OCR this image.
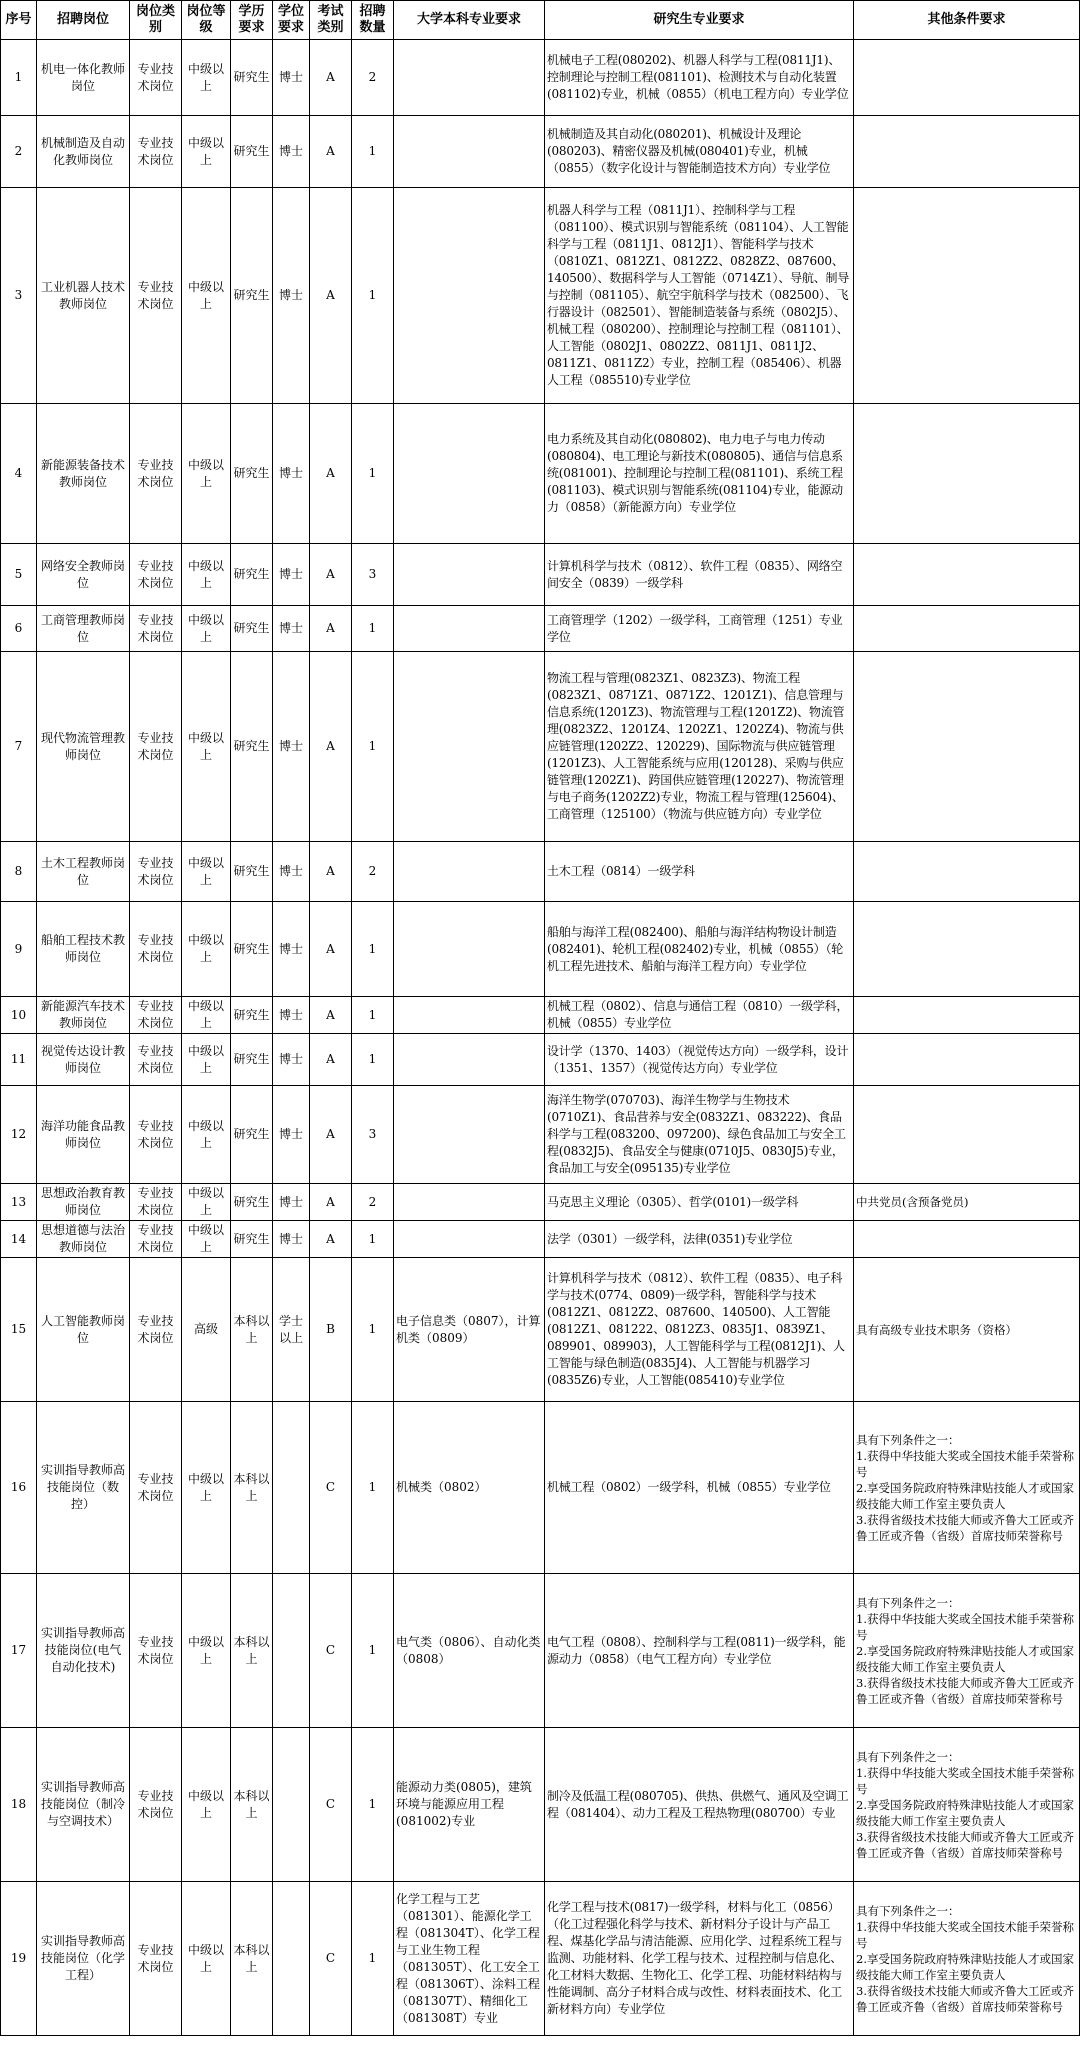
序号	招聘岗位	岗位类别	岗位等级	学历要求	学位要求	考试类别	招聘数量	大学本科专业要求	研究生专业要求	其他条件要求
1	机电一体化教师岗位	专业技术岗位	中级以上	研究生	博士	A	2		机械电子工程(080202)、机器人科学与工程(0811J1)、控制理论与控制工程(081101)、检测技术与自动化装置(081102)专业，机械（0855）（机电工程方向）专业学位	
2	机械制造及自动化教师岗位	专业技术岗位	中级以上	研究生	博士	A	1		机械制造及其自动化(080201)、机械设计及理论(080203)、精密仪器及机械(080401)专业，机械（0855）（数字化设计与智能制造技术方向）专业学位	
3	工业机器人技术教师岗位	专业技术岗位	中级以上	研究生	博士	A	1		机器人科学与工程（0811J1）、控制科学与工程（081100）、模式识别与智能系统（081104）、人工智能科学与工程（0811J1、0812J1）、智能科学与技术（0810Z1、0812Z1、0812Z2、0828Z2、087600、140500）、数据科学与人工智能（0714Z1）、导航、制导与控制（081105）、航空宇航科学与技术（082500）、飞行器设计（082501）、智能制造装备与系统（0802J5）、机械工程（080200）、控制理论与控制工程（081101）、人工智能（0802J1、0802Z2、0811J1、0811J2、0811Z1、0811Z2）专业，控制工程（085406）、机器人工程（085510)专业学位	
4	新能源装备技术教师岗位	专业技术岗位	中级以上	研究生	博士	A	1		电力系统及其自动化(080802)、电力电子与电力传动(080804)、电工理论与新技术(080805)、通信与信息系统(081001)、控制理论与控制工程(081101)、系统工程(081103)、模式识别与智能系统(081104)专业，能源动力（0858）（新能源方向）专业学位	
5	网络安全教师岗位	专业技术岗位	中级以上	研究生	博士	A	3		计算机科学与技术（0812）、软件工程（0835）、网络空间安全（0839）一级学科	
6	工商管理教师岗位	专业技术岗位	中级以上	研究生	博士	A	1		工商管理学（1202）一级学科，工商管理（1251）专业学位	
7	现代物流管理教师岗位	专业技术岗位	中级以上	研究生	博士	A	1		物流工程与管理(0823Z1、0823Z3)、物流工程(0823Z1、0871Z1、0871Z2、1201Z1)、信息管理与信息系统(1201Z3)、物流管理与工程(1201Z2)、物流管理(0823Z2、1201Z4、1202Z1、1202Z4)、物流与供应链管理(1202Z2、120229)、国际物流与供应链管理(1201Z3)、人工智能系统与应用(120128)、采购与供应链管理(1202Z1)、跨国供应链管理(120227)、物流管理与电子商务(1202Z2)专业，物流工程与管理(125604)、工商管理（125100）（物流与供应链方向）专业学位	
8	土木工程教师岗位	专业技术岗位	中级以上	研究生	博士	A	2		土木工程（0814）一级学科	
9	船舶工程技术教师岗位	专业技术岗位	中级以上	研究生	博士	A	1		船舶与海洋工程(082400)、船舶与海洋结构物设计制造(082401)、轮机工程(082402)专业，机械（0855）（轮机工程先进技术、船舶与海洋工程方向）专业学位	
10	新能源汽车技术教师岗位	专业技术岗位	中级以上	研究生	博士	A	1		机械工程（0802）、信息与通信工程（0810）一级学科，机械（0855）专业学位	
11	视觉传达设计教师岗位	专业技术岗位	中级以上	研究生	博士	A	1		设计学（1370、1403）（视觉传达方向）一级学科，设计（1351、1357）（视觉传达方向）专业学位	
12	海洋功能食品教师岗位	专业技术岗位	中级以上	研究生	博士	A	3		海洋生物学(070703)、海洋生物学与生物技术(0710Z1)、食品营养与安全(0832Z1、083222)、食品科学与工程(083200、097200)、绿色食品加工与安全工程(0832J5)、食品安全与健康(0710J5、0830J5)专业，食品加工与安全(095135)专业学位	
13	思想政治教育教师岗位	专业技术岗位	中级以上	研究生	博士	A	2		马克思主义理论（0305）、哲学(0101)一级学科	中共党员(含预备党员)
14	思想道德与法治教师岗位	专业技术岗位	中级以上	研究生	博士	A	1		法学（0301）一级学科，法律(0351)专业学位	
15	人工智能教师岗位	专业技术岗位	高级	本科以上	学士以上	B	1	电子信息类（0807），计算机类（0809）	计算机科学与技术（0812）、软件工程（0835）、电子科学与技术(0774、0809)一级学科，智能科学与技术(0812Z1、0812Z2、087600、140500)、人工智能(0812Z1、081222、0812Z3、0835J1、0839Z1、089901、089903)，人工智能科学与工程(0812J1)、人工智能与绿色制造(0835J4)、人工智能与机器学习(0835Z6)专业，人工智能(085410)专业学位	具有高级专业技术职务（资格）
16	实训指导教师高技能岗位（数控）	专业技术岗位	中级以上	本科以上		C	1	机械类（0802）	机械工程（0802）一级学科，机械（0855）专业学位	具有下列条件之一：
1.获得中华技能大奖或全国技术能手荣誉称号
2.享受国务院政府特殊津贴技能人才或国家级技能大师工作室主要负责人
3.获得省级技术技能大师或齐鲁大工匠或齐鲁工匠或齐鲁（省级）首席技师荣誉称号
17	实训指导教师高技能岗位(电气自动化技术)	专业技术岗位	中级以上	本科以上		C	1	电气类（0806）、自动化类（0808）	电气工程（0808）、控制科学与工程(0811)一级学科，能源动力（0858）（电气工程方向）专业学位	具有下列条件之一：
1.获得中华技能大奖或全国技术能手荣誉称号
2.享受国务院政府特殊津贴技能人才或国家级技能大师工作室主要负责人
3.获得省级技术技能大师或齐鲁大工匠或齐鲁工匠或齐鲁（省级）首席技师荣誉称号
18	实训指导教师高技能岗位（制冷与空调技术）	专业技术岗位	中级以上	本科以上		C	1	能源动力类(0805)，建筑环境与能源应用工程(081002)专业	制冷及低温工程(080705)、供热、供燃气、通风及空调工程（081404）、动力工程及工程热物理(080700）专业	具有下列条件之一：
1.获得中华技能大奖或全国技术能手荣誉称号
2.享受国务院政府特殊津贴技能人才或国家级技能大师工作室主要负责人
3.获得省级技术技能大师或齐鲁大工匠或齐鲁工匠或齐鲁（省级）首席技师荣誉称号
19	实训指导教师高技能岗位（化学工程）	专业技术岗位	中级以上	本科以上		C	1	化学工程与工艺（081301）、能源化学工程（081304T）、化学工程与工业生物工程（081305T）、化工安全工程（081306T）、涂料工程（081307T）、精细化工（081308T）专业	化学工程与技术(0817)一级学科，材料与化工（0856）（化工过程强化科学与技术、新材料分子设计与产品工程、煤基化学品与清洁能源、应用化学、过程系统工程与监测、功能材料、化学工程与技术、过程控制与信息化、化工材料大数据、生物化工、化学工程、功能材料结构与性能调制、高分子材料合成与改性、材料表面技术、化工新材料方向）专业学位	具有下列条件之一：
1.获得中华技能大奖或全国技术能手荣誉称号
2.享受国务院政府特殊津贴技能人才或国家级技能大师工作室主要负责人
3.获得省级技术技能大师或齐鲁大工匠或齐鲁工匠或齐鲁（省级）首席技师荣誉称号
